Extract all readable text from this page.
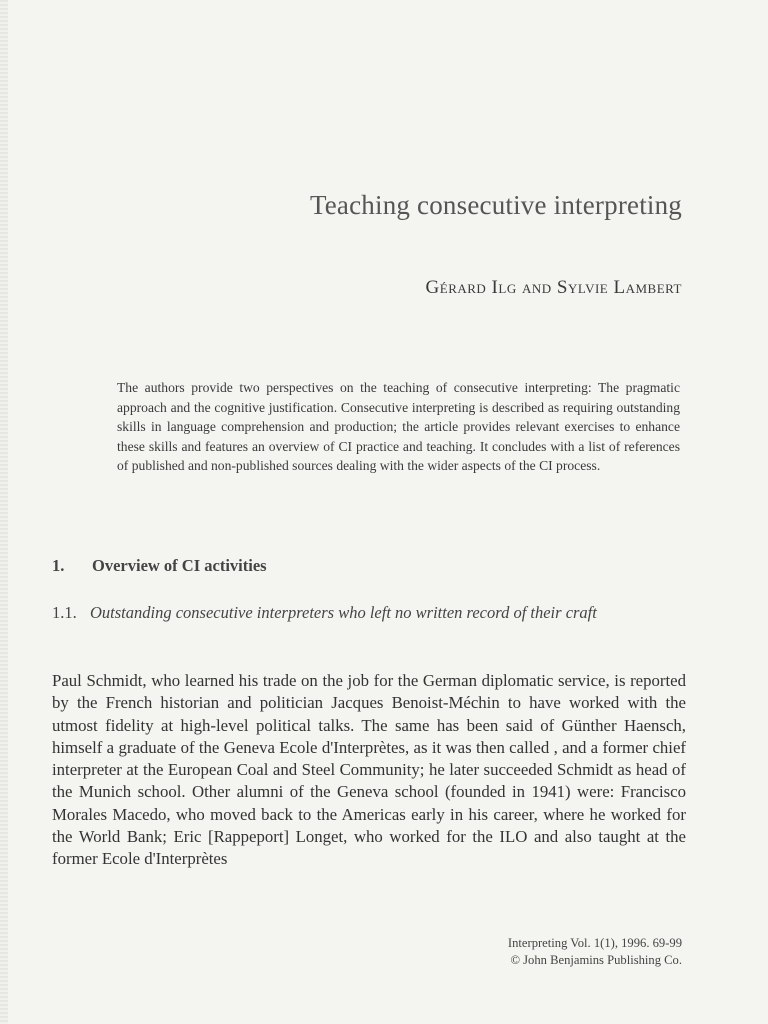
Teaching consecutive interpreting
Gérard Ilg and Sylvie Lambert

The authors provide two perspectives on the teaching of consecutive interpreting: The pragmatic approach and the cognitive justification. Consecutive interpreting is described as requiring outstanding skills in language comprehension and production; the article provides relevant exercises to enhance these skills and features an overview of CI practice and teaching. It concludes with a list of references of published and non-published sources dealing with the wider aspects of the CI process.

1.	Overview of CI activities
1.1. Outstanding consecutive interpreters who left no written record of their craft

Paul Schmidt, who learned his trade on the job for the German diplomatic service, is reported by the French historian and politician Jacques Benoist-Méchin to have worked with the utmost fidelity at high-level political talks. The same has been said of Günther Haensch, himself a graduate of the Geneva Ecole d'Interprètes, as it was then called , and a former chief interpreter at the European Coal and Steel Community; he later succeeded Schmidt as head of the Munich school. Other alumni of the Geneva school (founded in 1941) were: Francisco Morales Macedo, who moved back to the Americas early in his career, where he worked for the World Bank; Eric [Rappeport] Longet, who worked for the ILO and also taught at the former Ecole d'Interprètes

Interpreting Vol. 1(1), 1996. 69-99
© John Benjamins Publishing Co.
